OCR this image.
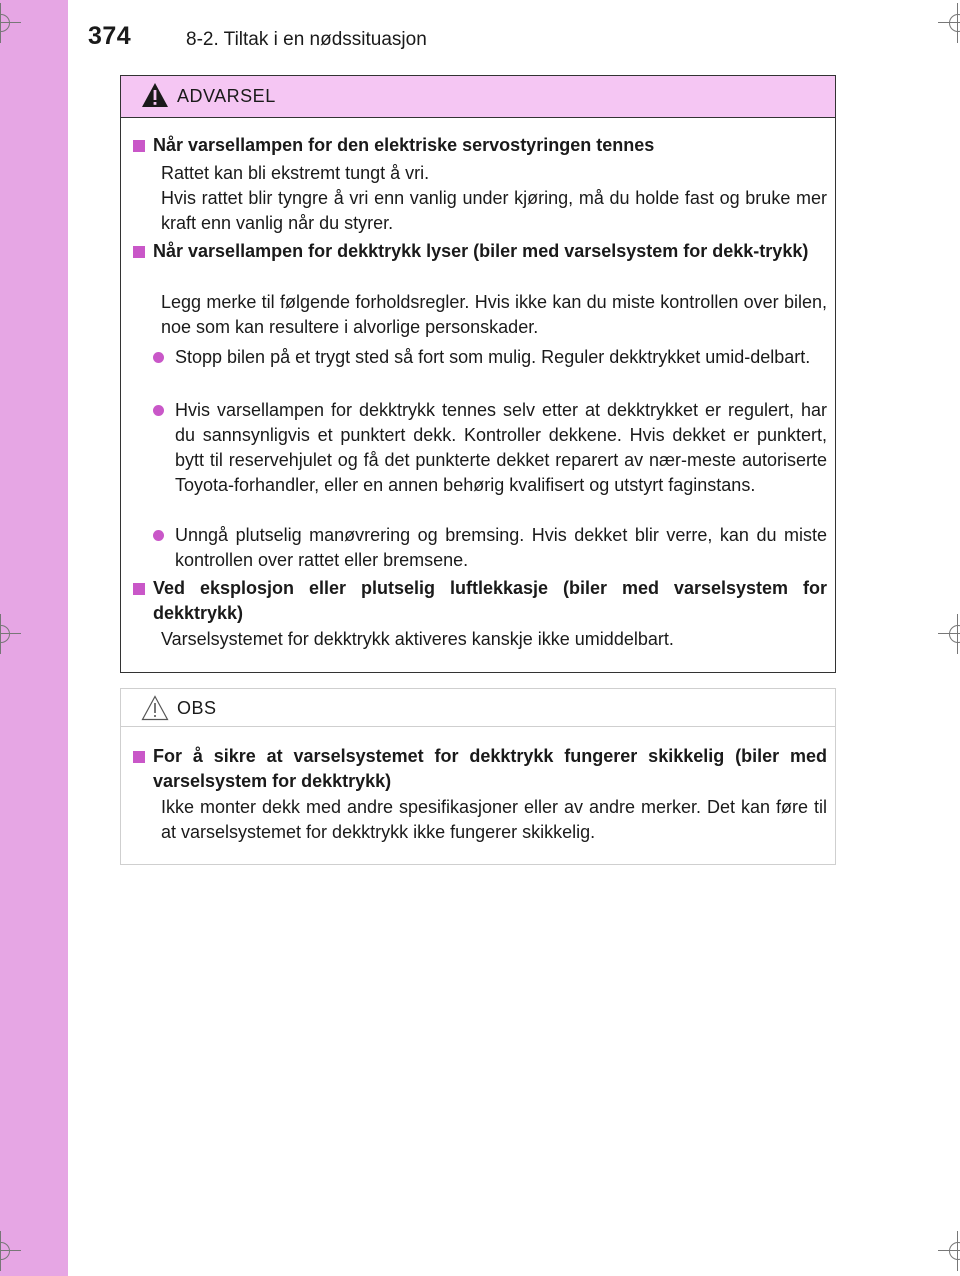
374	8-2. Tiltak i en nødssituasjon
ADVARSEL
Når varsellampen for den elektriske servostyringen tennes
Rattet kan bli ekstremt tungt å vri.
Hvis rattet blir tyngre å vri enn vanlig under kjøring, må du holde fast og bruke mer kraft enn vanlig når du styrer.
Når varsellampen for dekktrykk lyser (biler med varselsystem for dekk-trykk)
Legg merke til følgende forholdsregler. Hvis ikke kan du miste kontrollen over bilen, noe som kan resultere i alvorlige personskader.
Stopp bilen på et trygt sted så fort som mulig. Reguler dekktrykket umid-delbart.
Hvis varsellampen for dekktrykk tennes selv etter at dekktrykket er regulert, har du sannsynligvis et punktert dekk. Kontroller dekkene. Hvis dekket er punktert, bytt til reservehjulet og få det punkterte dekket reparert av nær-meste autoriserte Toyota-forhandler, eller en annen behørig kvalifisert og utstyrt faginstans.
Unngå plutselig manøvrering og bremsing. Hvis dekket blir verre, kan du miste kontrollen over rattet eller bremsene.
Ved eksplosjon eller plutselig luftlekkasje (biler med varselsystem for dekktrykk)
Varselsystemet for dekktrykk aktiveres kanskje ikke umiddelbart.
OBS
For å sikre at varselsystemet for dekktrykk fungerer skikkelig (biler med varselsystem for dekktrykk)
Ikke monter dekk med andre spesifikasjoner eller av andre merker. Det kan føre til at varselsystemet for dekktrykk ikke fungerer skikkelig.
